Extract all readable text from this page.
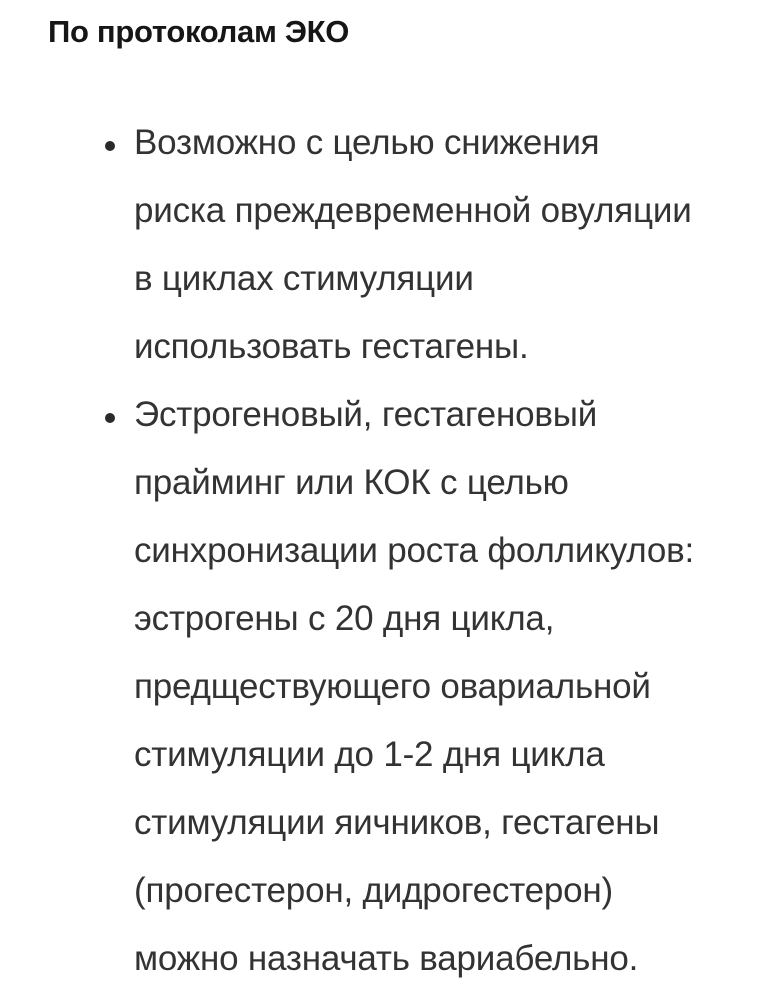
По протоколам ЭКО
Возможно с целью снижения
риска преждевременной овуляции
в циклах стимуляции
использовать гестагены.
Эстрогеновый, гестагеновый
прайминг или КОК с целью
синхронизации роста фолликулов:
эстрогены с 20 дня цикла,
предществующего овариальной
стимуляции до 1-2 дня цикла
стимуляции яичников, гестагены
(прогестерон, дидрогестерон)
можно назначать вариабельно.
